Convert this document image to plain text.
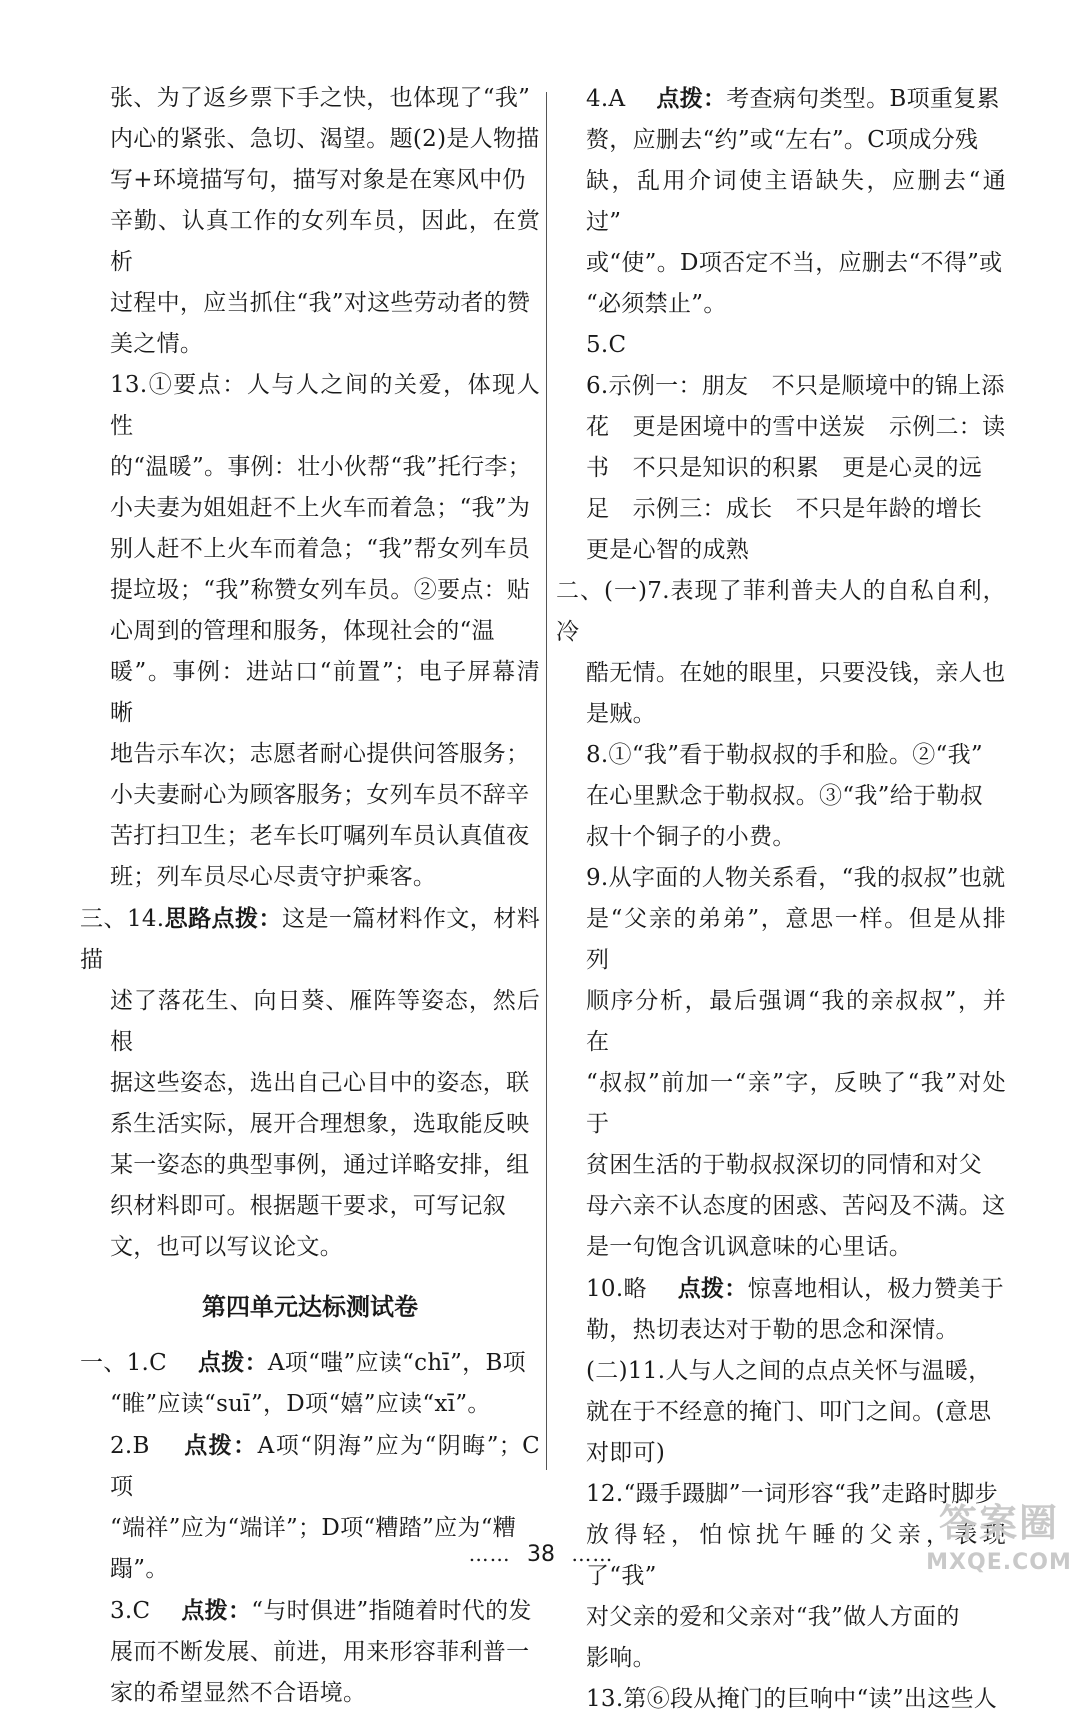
张、为了返乡票下手之快，也体现了“我”

内心的紧张、急切、渴望。题(2)是人物描

写+环境描写句，描写对象是在寒风中仍

辛勤、认真工作的女列车员，因此，在赏析

过程中，应当抓住“我”对这些劳动者的赞

美之情。

13.①要点：人与人之间的关爱，体现人性

的“温暖”。事例：壮小伙帮“我”托行李；

小夫妻为姐姐赶不上火车而着急；“我”为

别人赶不上火车而着急；“我”帮女列车员

提垃圾；“我”称赞女列车员。②要点：贴

心周到的管理和服务，体现社会的“温

暖”。事例：进站口“前置”；电子屏幕清晰

地告示车次；志愿者耐心提供问答服务；

小夫妻耐心为顾客服务；女列车员不辞辛

苦打扫卫生；老车长叮嘱列车员认真值夜

班；列车员尽心尽责守护乘客。

三、14.思路点拨：这是一篇材料作文，材料描

述了落花生、向日葵、雁阵等姿态，然后根

据这些姿态，选出自己心目中的姿态，联

系生活实际，展开合理想象，选取能反映

某一姿态的典型事例，通过详略安排，组

织材料即可。根据题干要求，可写记叙

文，也可以写议论文。

第四单元达标测试卷

一、1.C　 点拨：A项“嗤”应读“chī”，B项

“睢”应读“suī”，D项“嬉”应读“xī”。

2.B　 点拨：A项“阴海”应为“阴晦”；C项

“端祥”应为“端详”；D项“糟踏”应为“糟

蹋”。

3.C　 点拨：“与时俱进”指随着时代的发

展而不断发展、前进，用来形容菲利普一

家的希望显然不合语境。

4.A　 点拨：考查病句类型。B项重复累

赘，应删去“约”或“左右”。C项成分残

缺，乱用介词使主语缺失，应删去“通过”

或“使”。D项否定不当，应删去“不得”或

“必须禁止”。

5.C

6.示例一：朋友　不只是顺境中的锦上添

花　更是困境中的雪中送炭　示例二：读

书　不只是知识的积累　更是心灵的远

足　示例三：成长　不只是年龄的增长

更是心智的成熟

二、(一)7.表现了菲利普夫人的自私自利，冷

酷无情。在她的眼里，只要没钱，亲人也

是贼。

8.①“我”看于勒叔叔的手和脸。②“我”

在心里默念于勒叔叔。③“我”给于勒叔

叔十个铜子的小费。

9.从字面的人物关系看，“我的叔叔”也就

是“父亲的弟弟”，意思一样。但是从排列

顺序分析，最后强调“我的亲叔叔”，并在

“叔叔”前加一“亲”字，反映了“我”对处于

贫困生活的于勒叔叔深切的同情和对父

母六亲不认态度的困惑、苦闷及不满。这

是一句饱含讥讽意味的心里话。

10.略　 点拨：惊喜地相认，极力赞美于

勒，热切表达对于勒的思念和深情。

(二)11.人与人之间的点点关怀与温暖，

就在于不经意的掩门、叩门之间。(意思

对即可)

12.“蹑手蹑脚”一词形容“我”走路时脚步

放得轻，怕惊扰午睡的父亲，表现了“我”

对父亲的爱和父亲对“我”做人方面的

影响。

13.第⑥段从掩门的巨响中“读”出这些人

…… 38 ……
答案圈
MXQE.COM
